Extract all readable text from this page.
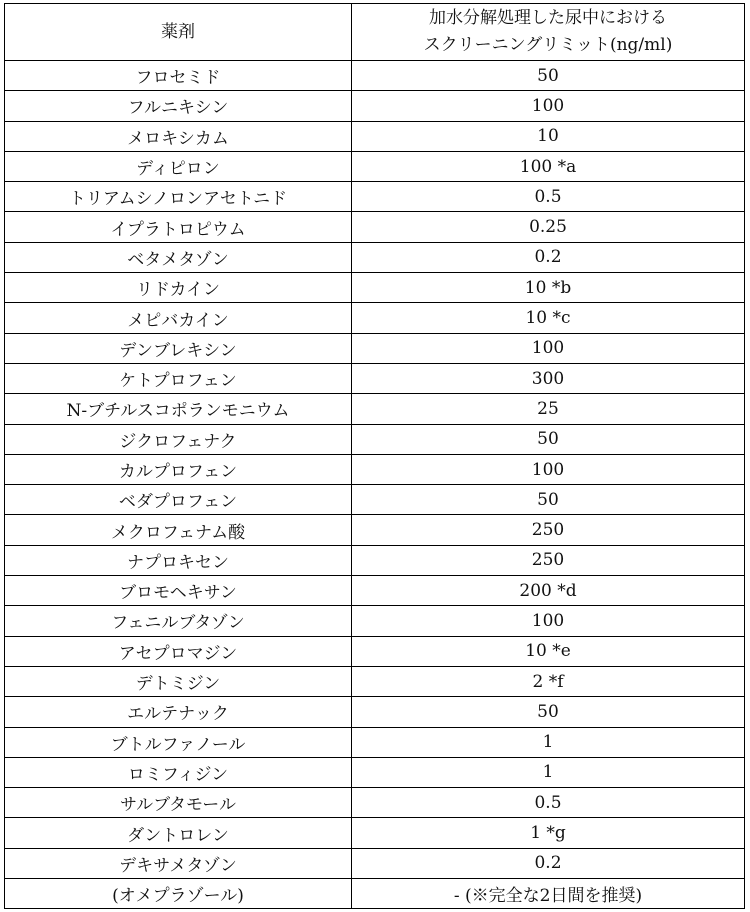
薬剤	加水分解処理した尿中における
スクリーニングリミット(ng/ml)

フロセミド	50
フルニキシン	100
メロキシカム	10
ディピロン	100 *a
トリアムシノロンアセトニド	0.5
イプラトロピウム	0.25
ベタメタゾン	0.2
リドカイン	10 *b
メピバカイン	10 *c
デンブレキシン	100
ケトプロフェン	300
N-ブチルスコポランモニウム	25
ジクロフェナク	50
カルプロフェン	100
ベダプロフェン	50
メクロフェナム酸	250
ナプロキセン	250
ブロモヘキサン	200 *d
フェニルブタゾン	100
アセプロマジン	10 *e
デトミジン	2 *f
エルテナック	50
ブトルファノール	1
ロミフィジン	1
サルブタモール	0.5
ダントロレン	1 *g
デキサメタゾン	0.2
(オメプラゾール)	- (※完全な2日間を推奨)
